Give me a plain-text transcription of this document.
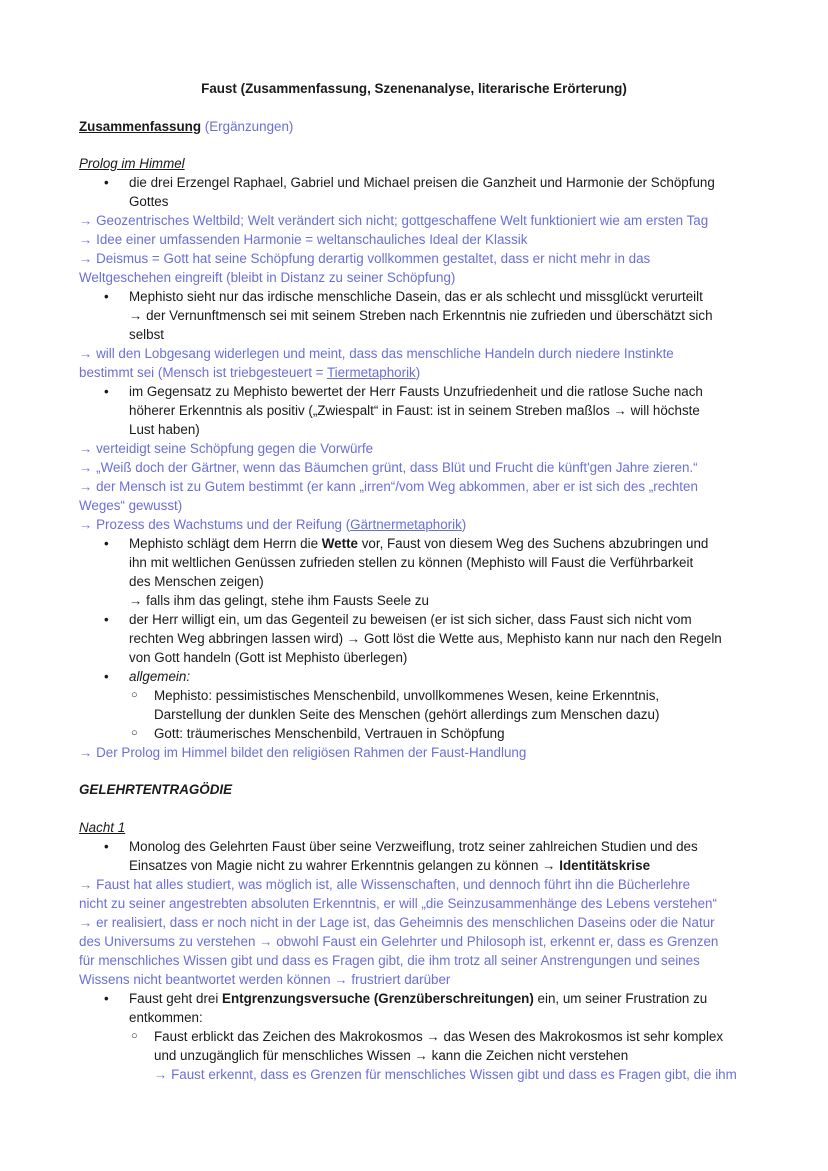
Faust (Zusammenfassung, Szenenanalyse, literarische Erörterung)
Zusammenfassung (Ergänzungen)
Prolog im Himmel
• die drei Erzengel Raphael, Gabriel und Michael preisen die Ganzheit und Harmonie der Schöpfung
Gottes
→ Geozentrisches Weltbild; Welt verändert sich nicht; gottgeschaffene Welt funktioniert wie am ersten Tag
→ Idee einer umfassenden Harmonie = weltanschauliches Ideal der Klassik
→ Deismus = Gott hat seine Schöpfung derartig vollkommen gestaltet, dass er nicht mehr in das
Weltgeschehen eingreift (bleibt in Distanz zu seiner Schöpfung)
• Mephisto sieht nur das irdische menschliche Dasein, das er als schlecht und missglückt verurteilt
→ der Vernunftmensch sei mit seinem Streben nach Erkenntnis nie zufrieden und überschätzt sich
selbst
→ will den Lobgesang widerlegen und meint, dass das menschliche Handeln durch niedere Instinkte
bestimmt sei (Mensch ist triebgesteuert = Tiermetaphorik)
• im Gegensatz zu Mephisto bewertet der Herr Fausts Unzufriedenheit und die ratlose Suche nach
höherer Erkenntnis als positiv („Zwiespalt“ in Faust: ist in seinem Streben maßlos → will höchste
Lust haben)
→ verteidigt seine Schöpfung gegen die Vorwürfe
→ „Weiß doch der Gärtner, wenn das Bäumchen grünt, dass Blüt und Frucht die künft'gen Jahre zieren.“
→ der Mensch ist zu Gutem bestimmt (er kann „irren“/vom Weg abkommen, aber er ist sich des „rechten
Weges“ gewusst)
→ Prozess des Wachstums und der Reifung (Gärtnermetaphorik)
• Mephisto schlägt dem Herrn die Wette vor, Faust von diesem Weg des Suchens abzubringen und
ihn mit weltlichen Genüssen zufrieden stellen zu können (Mephisto will Faust die Verführbarkeit
des Menschen zeigen)
→ falls ihm das gelingt, stehe ihm Fausts Seele zu
• der Herr willigt ein, um das Gegenteil zu beweisen (er ist sich sicher, dass Faust sich nicht vom
rechten Weg abbringen lassen wird) → Gott löst die Wette aus, Mephisto kann nur nach den Regeln
von Gott handeln (Gott ist Mephisto überlegen)
• allgemein:
○ Mephisto: pessimistisches Menschenbild, unvollkommenes Wesen, keine Erkenntnis,
Darstellung der dunklen Seite des Menschen (gehört allerdings zum Menschen dazu)
○ Gott: träumerisches Menschenbild, Vertrauen in Schöpfung
→ Der Prolog im Himmel bildet den religiösen Rahmen der Faust-Handlung
GELEHRTENTRAGÖDIE
Nacht 1
• Monolog des Gelehrten Faust über seine Verzweiflung, trotz seiner zahlreichen Studien und des
Einsatzes von Magie nicht zu wahrer Erkenntnis gelangen zu können → Identitätskrise
→ Faust hat alles studiert, was möglich ist, alle Wissenschaften, und dennoch führt ihn die Bücherlehre
nicht zu seiner angestrebten absoluten Erkenntnis, er will „die Seinzusammenhänge des Lebens verstehen“
→ er realisiert, dass er noch nicht in der Lage ist, das Geheimnis des menschlichen Daseins oder die Natur
des Universums zu verstehen → obwohl Faust ein Gelehrter und Philosoph ist, erkennt er, dass es Grenzen
für menschliches Wissen gibt und dass es Fragen gibt, die ihm trotz all seiner Anstrengungen und seines
Wissens nicht beantwortet werden können → frustriert darüber
• Faust geht drei Entgrenzungsversuche (Grenzüberschreitungen) ein, um seiner Frustration zu
entkommen:
○ Faust erblickt das Zeichen des Makrokosmos → das Wesen des Makrokosmos ist sehr komplex
und unzugänglich für menschliches Wissen → kann die Zeichen nicht verstehen
→ Faust erkennt, dass es Grenzen für menschliches Wissen gibt und dass es Fragen gibt, die ihm
